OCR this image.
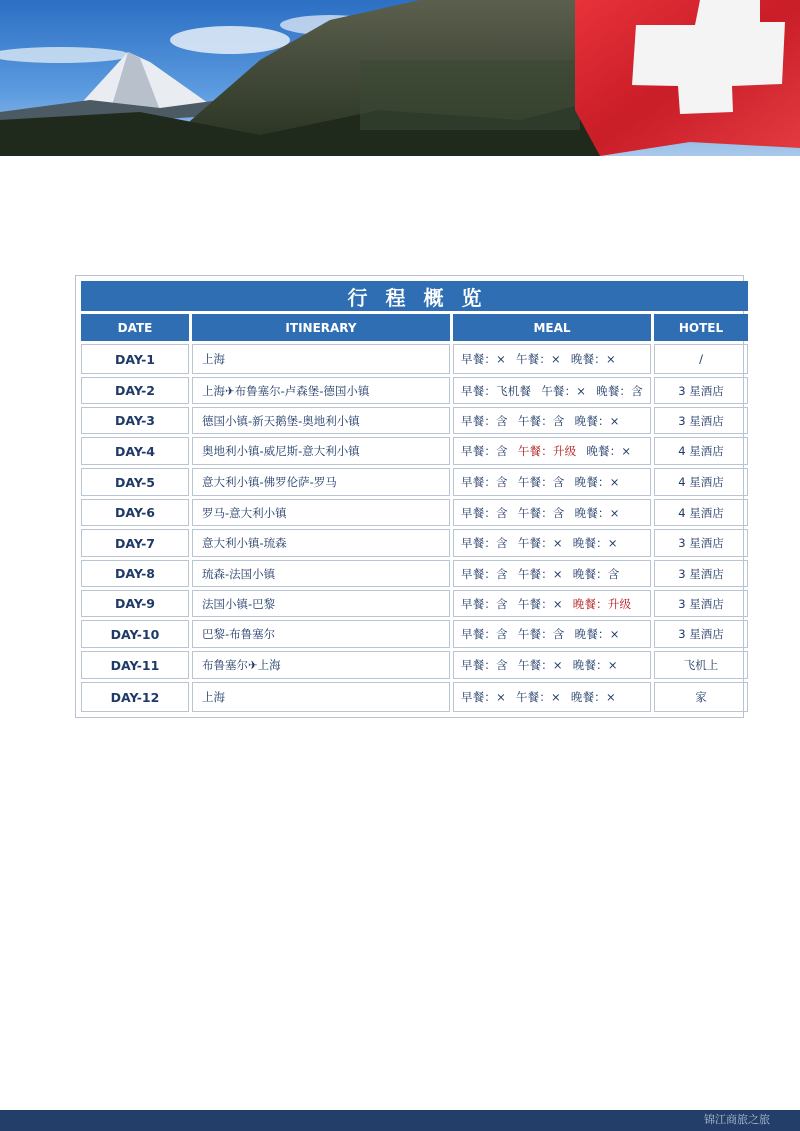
行程概览			
DATE	ITINERARY	MEAL	HOTEL
DAY-1	上海	早餐：× 午餐：× 晚餐：×	/
DAY-2	上海✈布鲁塞尔-卢森堡-德国小镇	早餐：飞机餐 午餐：× 晚餐：含	3 星酒店
DAY-3	德国小镇-新天鹅堡-奥地利小镇	早餐：含 午餐：含 晚餐：×	3 星酒店
DAY-4	奥地利小镇-威尼斯-意大利小镇	早餐：含 午餐：升级 晚餐：×	4 星酒店
DAY-5	意大利小镇-佛罗伦萨-罗马	早餐：含 午餐：含 晚餐：×	4 星酒店
DAY-6	罗马-意大利小镇	早餐：含 午餐：含 晚餐：×	4 星酒店
DAY-7	意大利小镇-琉森	早餐：含 午餐：× 晚餐：×	3 星酒店
DAY-8	琉森-法国小镇	早餐：含 午餐：× 晚餐：含	3 星酒店
DAY-9	法国小镇-巴黎	早餐：含 午餐：× 晚餐：升级	3 星酒店
DAY-10	巴黎-布鲁塞尔	早餐：含 午餐：含 晚餐：×	3 星酒店
DAY-11	布鲁塞尔✈上海	早餐：含 午餐：× 晚餐：×	飞机上
DAY-12	上海	早餐：× 午餐：× 晚餐：×	家
锦江商旅之旅
